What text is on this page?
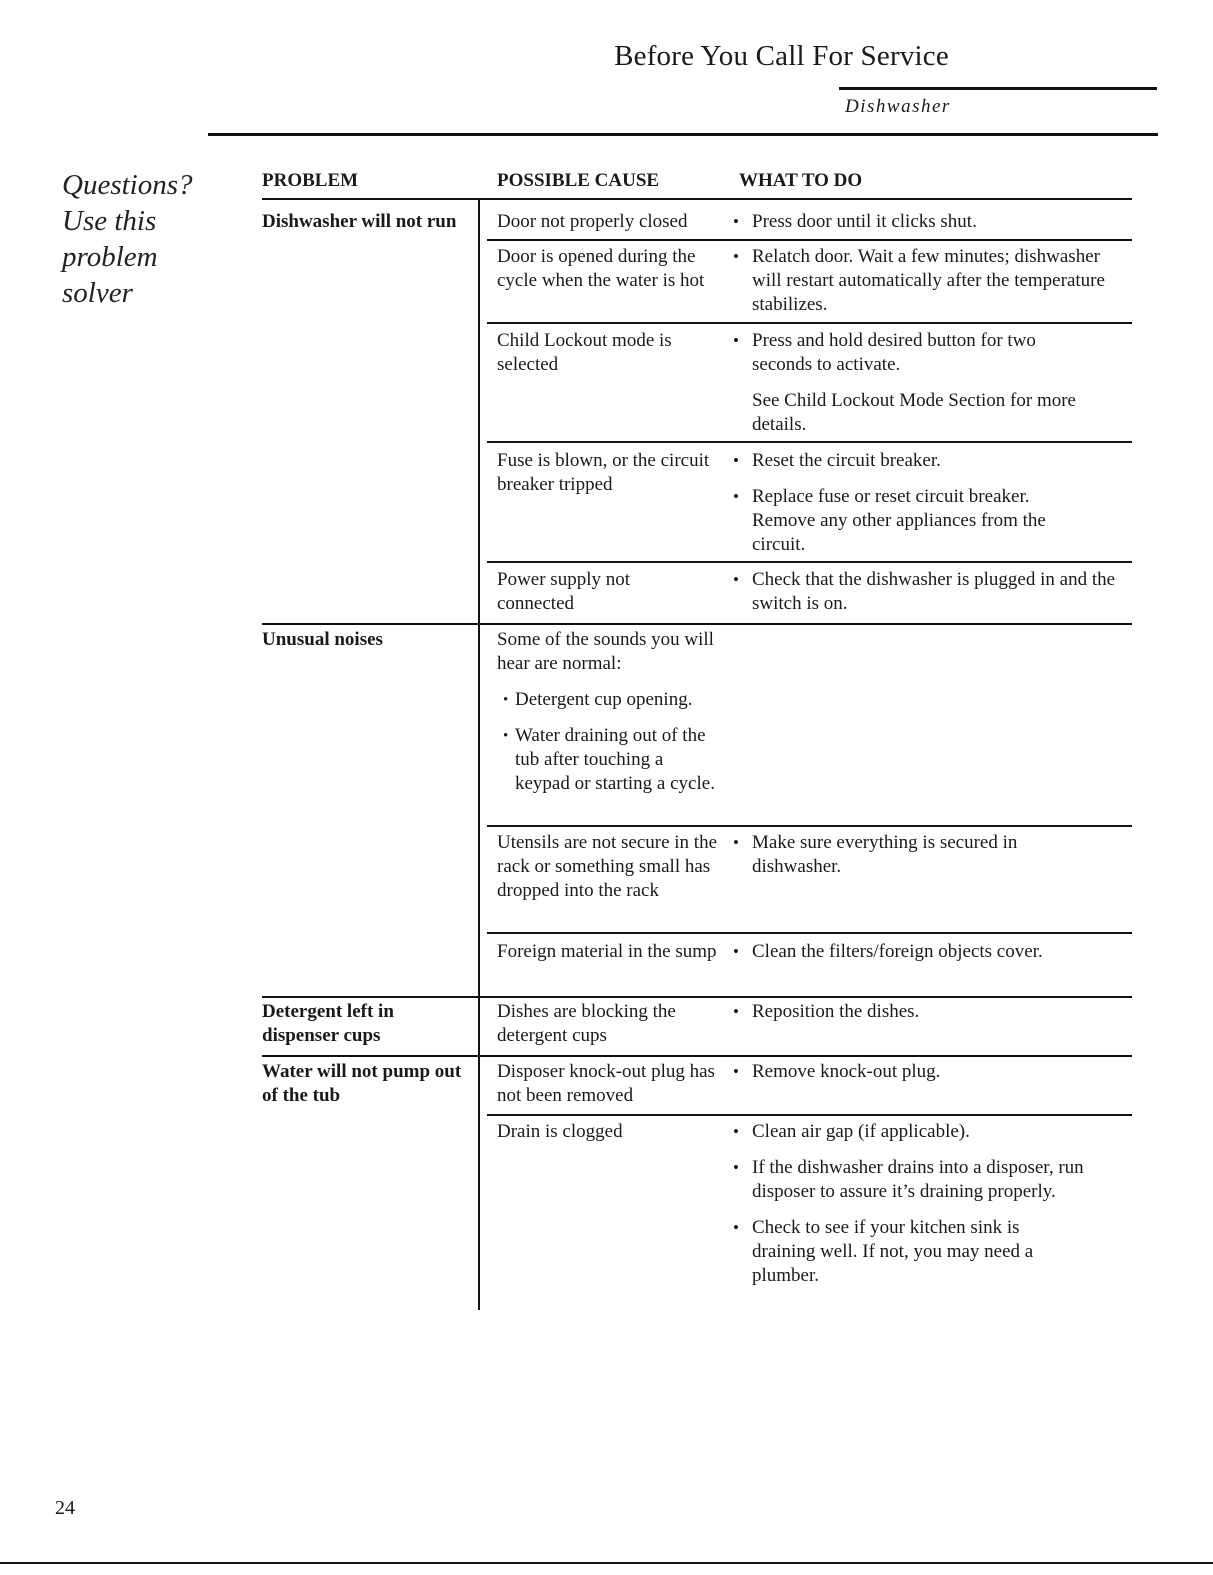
Before You Call For Service
Dishwasher
Questions?
Use this
problem
solver
PROBLEM	POSSIBLE CAUSE	WHAT TO DO
Dishwasher will not run
Unusual noises
Detergent left in dispenser cups
Water will not pump out of the tub
Door not properly closed
Door is opened during the cycle when the water is hot
Child Lockout mode is selected
Fuse is blown, or the circuit breaker tripped
Power supply not connected
Some of the sounds you will hear are normal:
• Detergent cup opening.
• Water draining out of the tub after touching a keypad or starting a cycle.
Utensils are not secure in the rack or something small has dropped into the rack
Foreign material in the sump
Dishes are blocking the detergent cups
Disposer knock-out plug has not been removed
Drain is clogged
• Press door until it clicks shut.
• Relatch door. Wait a few minutes; dishwasher will restart automatically after the temperature stabilizes.
• Press and hold desired button for two seconds to activate.
See Child Lockout Mode Section for more details.
• Reset the circuit breaker.
• Replace fuse or reset circuit breaker. Remove any other appliances from the circuit.
• Check that the dishwasher is plugged in and the switch is on.
• Make sure everything is secured in dishwasher.
• Clean the filters/foreign objects cover.
• Reposition the dishes.
• Remove knock-out plug.
• Clean air gap (if applicable).
• If the dishwasher drains into a disposer, run disposer to assure it’s draining properly.
• Check to see if your kitchen sink is draining well. If not, you may need a plumber.
24
